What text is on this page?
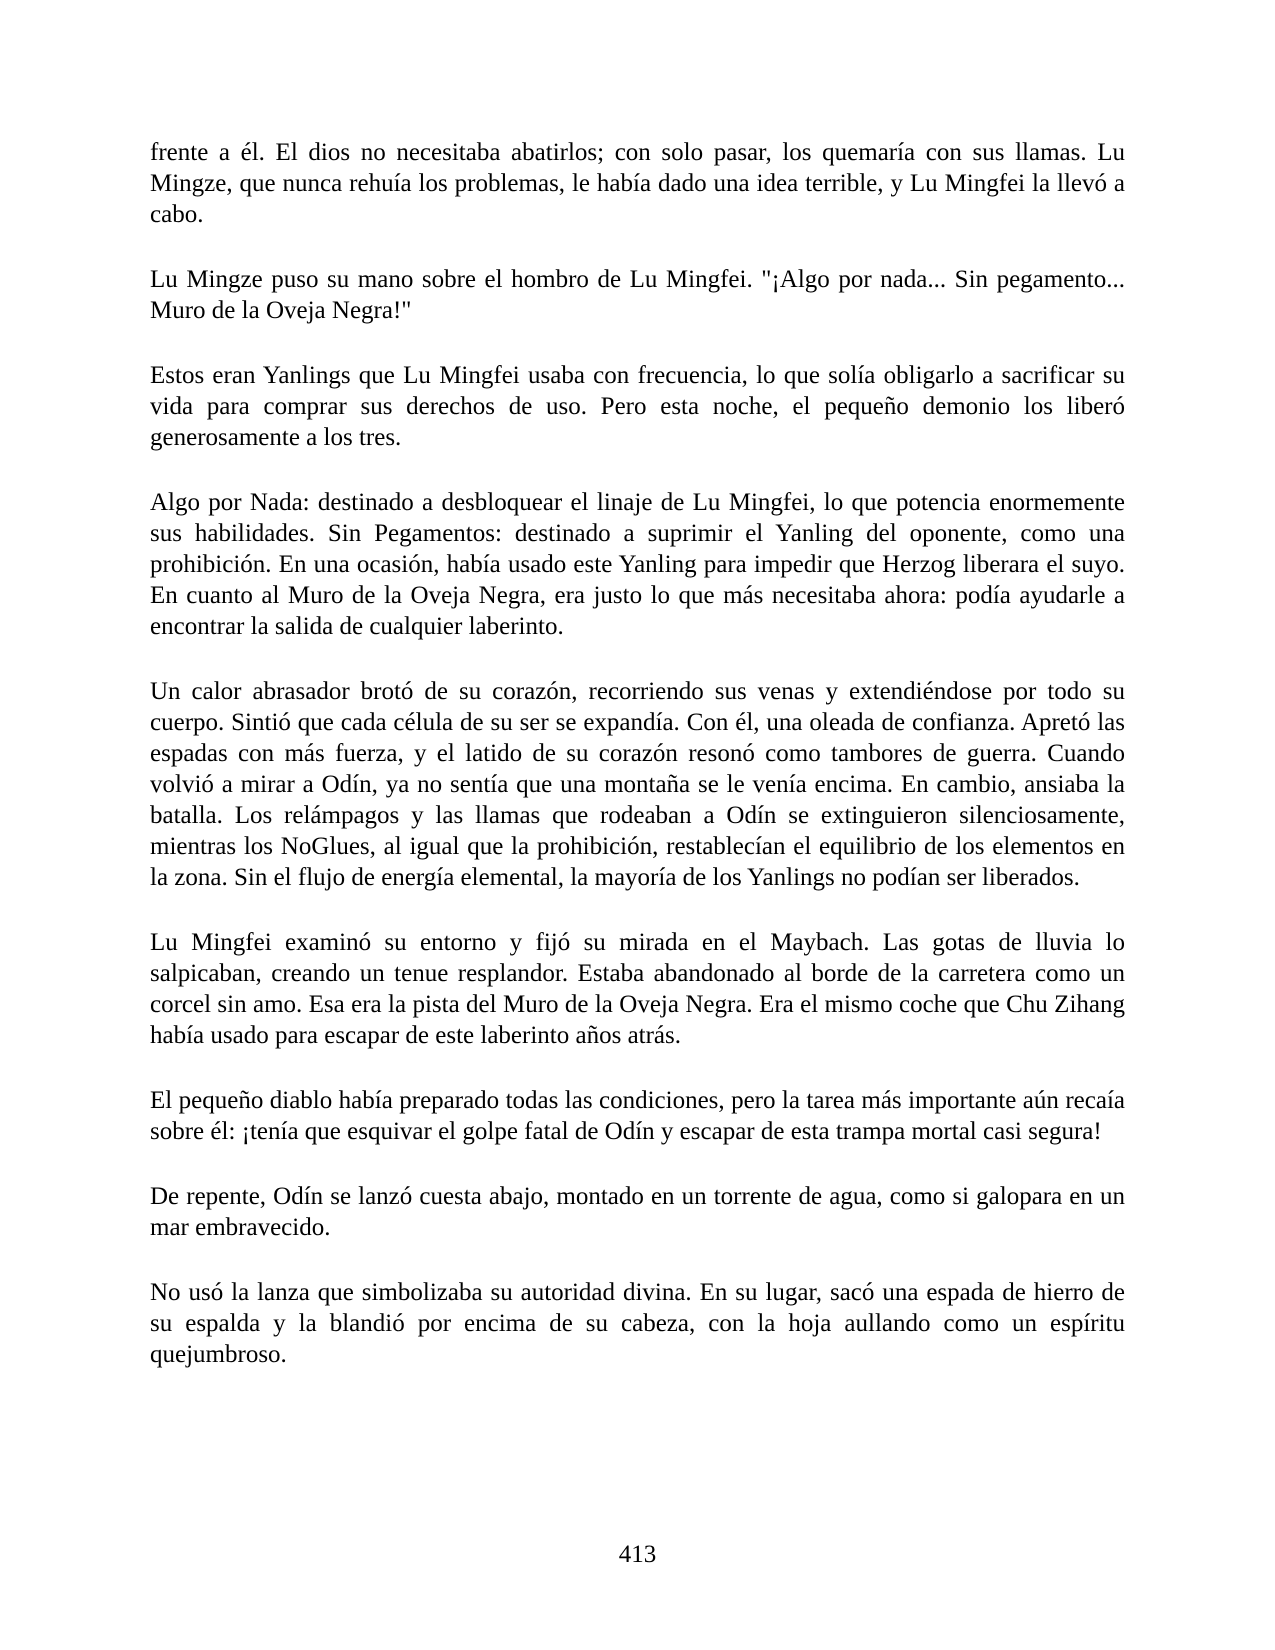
frente a él. El dios no necesitaba abatirlos; con solo pasar, los quemaría con sus llamas. Lu Mingze, que nunca rehuía los problemas, le había dado una idea terrible, y Lu Mingfei la llevó a cabo.

Lu Mingze puso su mano sobre el hombro de Lu Mingfei. "¡Algo por nada... Sin pegamento... Muro de la Oveja Negra!"

Estos eran Yanlings que Lu Mingfei usaba con frecuencia, lo que solía obligarlo a sacrificar su vida para comprar sus derechos de uso. Pero esta noche, el pequeño demonio los liberó generosamente a los tres.

Algo por Nada: destinado a desbloquear el linaje de Lu Mingfei, lo que potencia enormemente sus habilidades. Sin Pegamentos: destinado a suprimir el Yanling del oponente, como una prohibición. En una ocasión, había usado este Yanling para impedir que Herzog liberara el suyo. En cuanto al Muro de la Oveja Negra, era justo lo que más necesitaba ahora: podía ayudarle a encontrar la salida de cualquier laberinto.

Un calor abrasador brotó de su corazón, recorriendo sus venas y extendiéndose por todo su cuerpo. Sintió que cada célula de su ser se expandía. Con él, una oleada de confianza. Apretó las espadas con más fuerza, y el latido de su corazón resonó como tambores de guerra. Cuando volvió a mirar a Odín, ya no sentía que una montaña se le venía encima. En cambio, ansiaba la batalla. Los relámpagos y las llamas que rodeaban a Odín se extinguieron silenciosamente, mientras los NoGlues, al igual que la prohibición, restablecían el equilibrio de los elementos en la zona. Sin el flujo de energía elemental, la mayoría de los Yanlings no podían ser liberados.

Lu Mingfei examinó su entorno y fijó su mirada en el Maybach. Las gotas de lluvia lo salpicaban, creando un tenue resplandor. Estaba abandonado al borde de la carretera como un corcel sin amo. Esa era la pista del Muro de la Oveja Negra. Era el mismo coche que Chu Zihang había usado para escapar de este laberinto años atrás.

El pequeño diablo había preparado todas las condiciones, pero la tarea más importante aún recaía sobre él: ¡tenía que esquivar el golpe fatal de Odín y escapar de esta trampa mortal casi segura!

De repente, Odín se lanzó cuesta abajo, montado en un torrente de agua, como si galopara en un mar embravecido.

No usó la lanza que simbolizaba su autoridad divina. En su lugar, sacó una espada de hierro de su espalda y la blandió por encima de su cabeza, con la hoja aullando como un espíritu quejumbroso.

413
